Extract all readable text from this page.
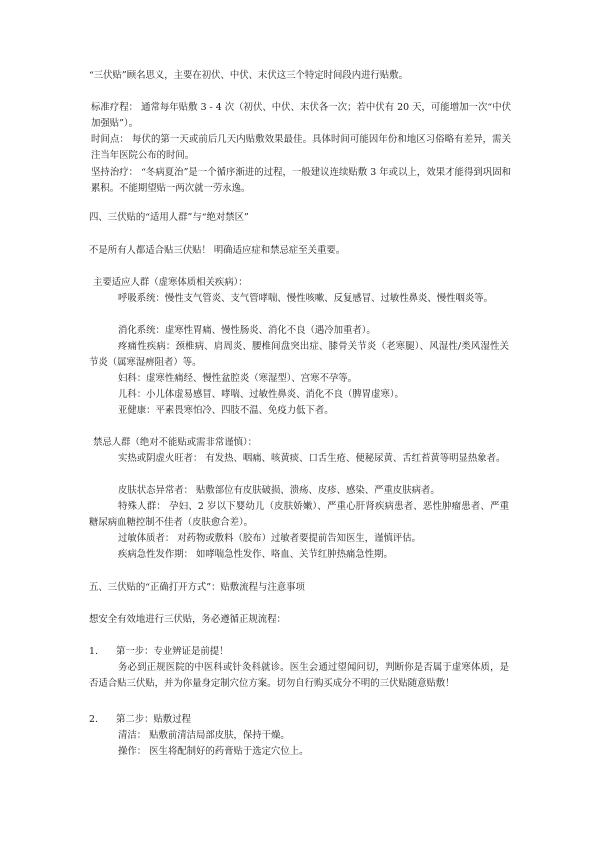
“三伏贴”顾名思义，主要在初伏、中伏、末伏这三个特定时间段内进行贴敷。
标准疗程： 通常每年贴敷 3 - 4 次（初伏、中伏、末伏各一次；若中伏有 20 天，可能增加一次“中伏加强贴”）。
时间点： 每伏的第一天或前后几天内贴敷效果最佳。具体时间可能因年份和地区习俗略有差异，需关注当年医院公布的时间。
坚持治疗： “冬病夏治”是一个循序渐进的过程，一般建议连续贴敷 3 年或以上，效果才能得到巩固和累积。不能期望贴一两次就一劳永逸。
四、三伏贴的“适用人群”与“绝对禁区”
不是所有人都适合贴三伏贴！ 明确适应症和禁忌症至关重要。
主要适应人群（虚寒体质相关疾病）：
呼吸系统：慢性支气管炎、支气管哮喘、慢性咳嗽、反复感冒、过敏性鼻炎、慢性咽炎等。
消化系统：虚寒性胃痛、慢性肠炎、消化不良（遇冷加重者）。
疼痛性疾病：颈椎病、肩周炎、腰椎间盘突出症、膝骨关节炎（老寒腿）、风湿性/类风湿性关节炎（属寒湿痹阻者）等。
妇科：虚寒性痛经、慢性盆腔炎（寒湿型）、宫寒不孕等。
儿科：小儿体虚易感冒、哮喘、过敏性鼻炎、消化不良（脾胃虚寒）。
亚健康：平素畏寒怕冷、四肢不温、免疫力低下者。
禁忌人群（绝对不能贴或需非常谨慎）：
实热或阴虚火旺者： 有发热、咽痛、咳黄痰、口舌生疮、便秘尿黄、舌红苔黄等明显热象者。
皮肤状态异常者： 贴敷部位有皮肤破损、溃疡、皮疹、感染、严重皮肤病者。
特殊人群： 孕妇、2 岁以下婴幼儿（皮肤娇嫩）、严重心肝肾疾病患者、恶性肿瘤患者、严重糖尿病血糖控制不佳者（皮肤愈合差）。
过敏体质者： 对药物或敷料（胶布）过敏者要提前告知医生，谨慎评估。
疾病急性发作期： 如哮喘急性发作、咯血、关节红肿热痛急性期。
五、三伏贴的“正确打开方式”：贴敷流程与注意事项
想安全有效地进行三伏贴，务必遵循正规流程：
1. 第一步：专业辨证是前提！
务必到正规医院的中医科或针灸科就诊。医生会通过望闻问切，判断你是否属于虚寒体质，是否适合贴三伏贴，并为你量身定制穴位方案。切勿自行购买成分不明的三伏贴随意贴敷！
2. 第二步：贴敷过程
清洁： 贴敷前清洁局部皮肤，保持干燥。
操作： 医生将配制好的药膏贴于选定穴位上。
